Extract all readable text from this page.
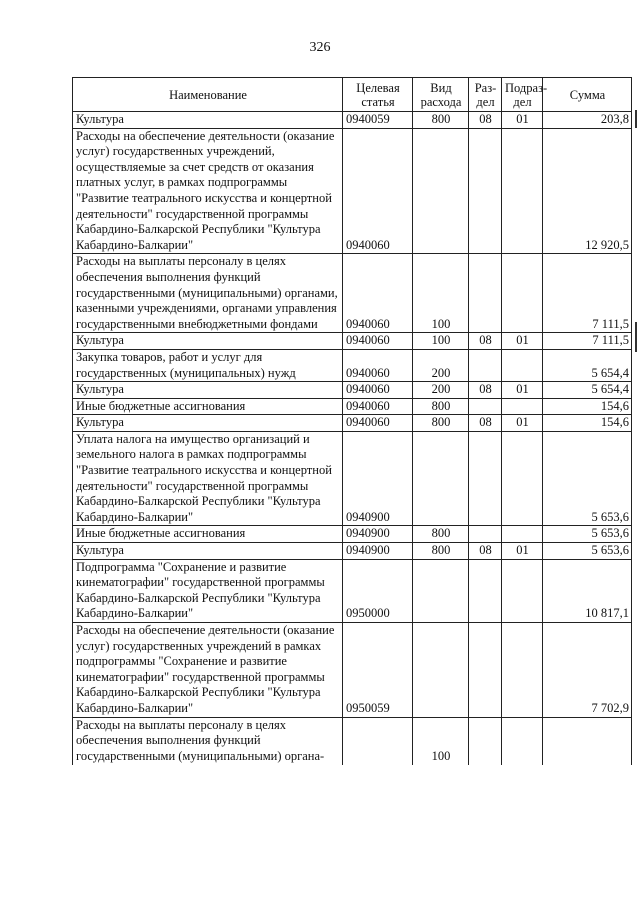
326
Наименование	Целевая статья	Вид расхода	Раз-дел	Подраз-дел	Сумма
Культура	0940059	800	08	01	203,8
Расходы на обеспечение деятельности (оказание услуг) государственных учреждений, осуществляемые за счет средств от оказания платных услуг, в рамках подпрограммы "Развитие театрального искусства и концертной деятельности" государственной программы Кабардино-Балкарской Республики "Культура Кабардино-Балкарии"	0940060				12 920,5
Расходы на выплаты персоналу в целях обеспечения выполнения функций государственными (муниципальными) органами, казенными учреждениями, органами управления государственными внебюджетными фондами	0940060	100			7 111,5
Культура	0940060	100	08	01	7 111,5
Закупка товаров, работ и услуг для государственных (муниципальных) нужд	0940060	200			5 654,4
Культура	0940060	200	08	01	5 654,4
Иные бюджетные ассигнования	0940060	800			154,6
Культура	0940060	800	08	01	154,6
Уплата налога на имущество организаций и земельного налога в рамках подпрограммы "Развитие театрального искусства и концертной деятельности" государственной программы Кабардино-Балкарской Республики "Культура Кабардино-Балкарии"	0940900				5 653,6
Иные бюджетные ассигнования	0940900	800			5 653,6
Культура	0940900	800	08	01	5 653,6
Подпрограмма "Сохранение и развитие кинематографии" государственной программы Кабардино-Балкарской Республики "Культура Кабардино-Балкарии"	0950000				10 817,1
Расходы на обеспечение деятельности (оказание услуг) государственных учреждений в рамках подпрограммы "Сохранение и развитие кинематографии" государственной программы Кабардино-Балкарской Республики "Культура Кабардино-Балкарии"	0950059				7 702,9
Расходы на выплаты персоналу в целях обеспечения выполнения функций государственными (муниципальными) органа-		100			
